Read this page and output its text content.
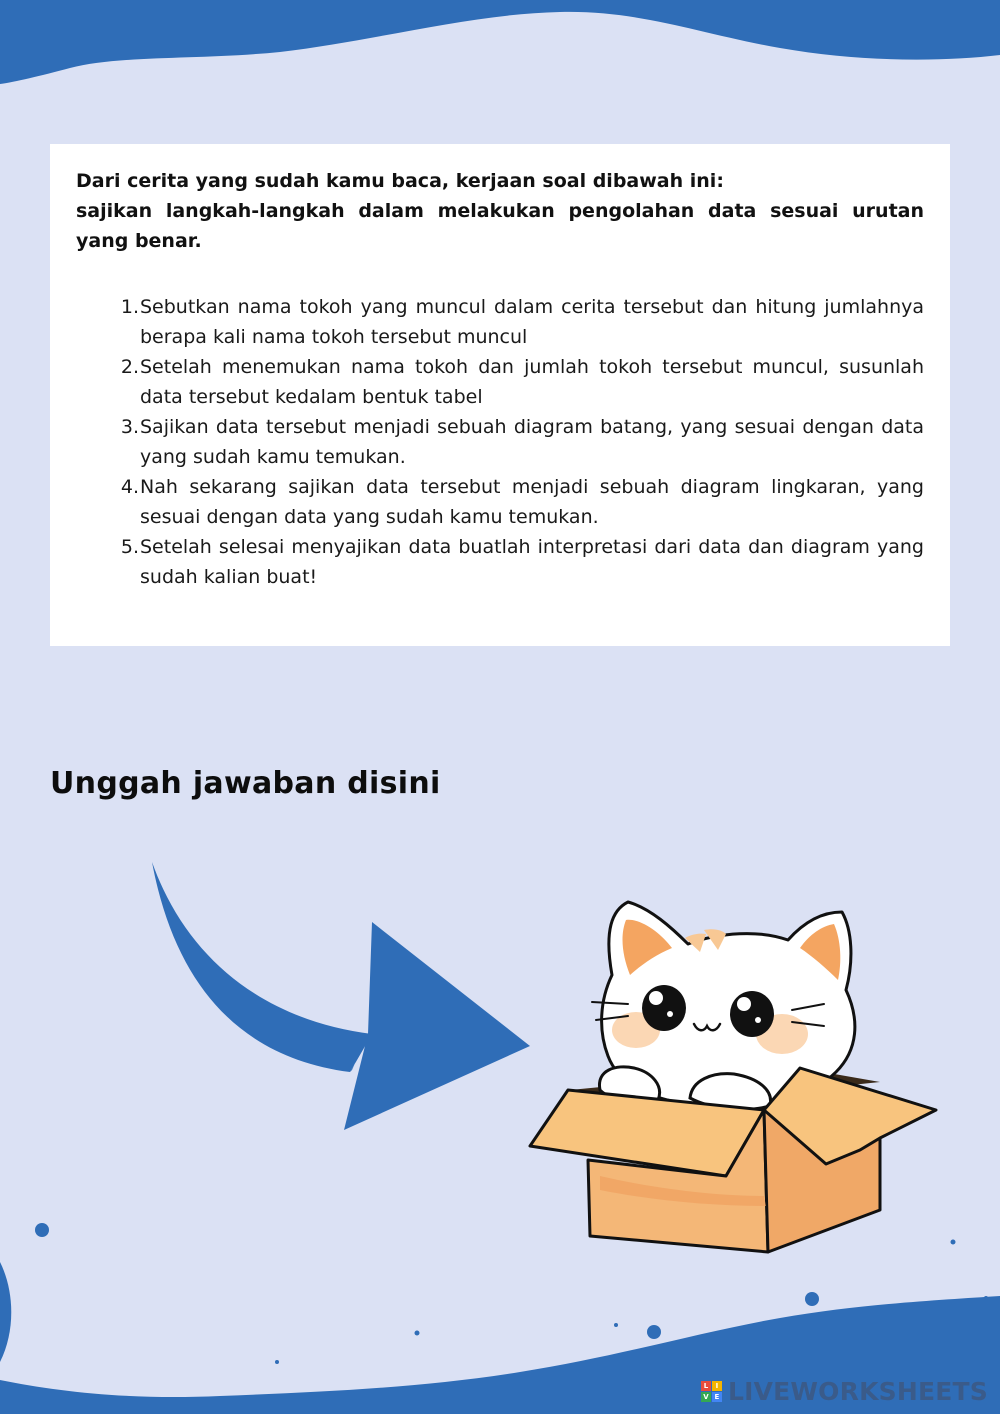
Dari cerita yang sudah kamu baca, kerjaan soal dibawah ini:
sajikan langkah-langkah dalam melakukan pengolahan data sesuai urutan yang benar.
1. Sebutkan nama tokoh yang muncul dalam cerita tersebut dan hitung jumlahnya berapa kali nama tokoh tersebut muncul
2. Setelah menemukan nama tokoh dan jumlah tokoh tersebut muncul, susunlah data tersebut kedalam bentuk tabel
3. Sajikan data tersebut menjadi sebuah diagram batang, yang sesuai dengan data yang sudah kamu temukan.
4. Nah sekarang sajikan data tersebut menjadi sebuah diagram lingkaran, yang sesuai dengan data yang sudah kamu temukan.
5. Setelah selesai menyajikan data buatlah interpretasi dari data dan diagram yang sudah kalian buat!
Unggah jawaban disini
L	I
V E LIVEWORKSHEETS
